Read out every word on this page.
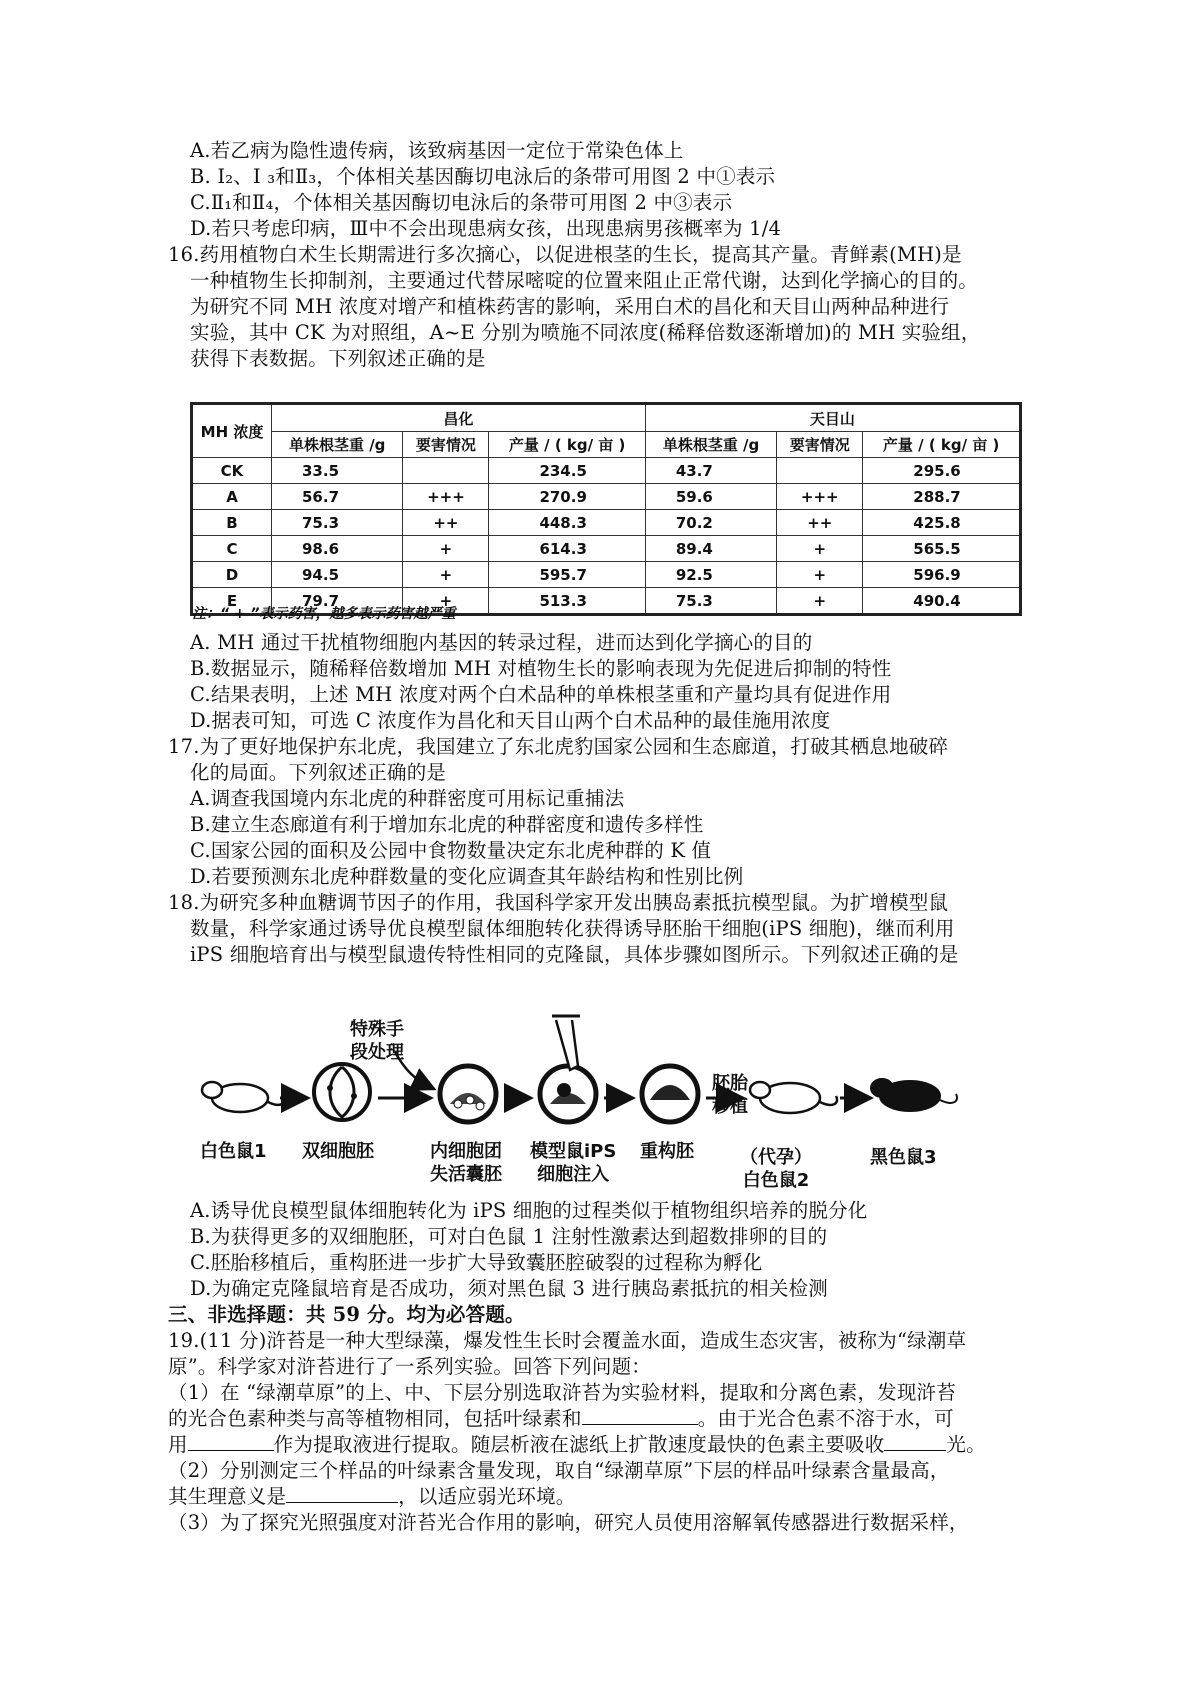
A.若乙病为隐性遗传病，该致病基因一定位于常染色体上
B. I₂、I ₃和Ⅱ₃，个体相关基因酶切电泳后的条带可用图 2 中①表示
C.Ⅱ₁和Ⅱ₄，个体相关基因酶切电泳后的条带可用图 2 中③表示
D.若只考虑印病，Ⅲ中不会出现患病女孩，出现患病男孩概率为 1/4
16.药用植物白术生长期需进行多次摘心，以促进根茎的生长，提高其产量。青鲜素(MH)是
一种植物生长抑制剂，主要通过代替尿嘧啶的位置来阻止正常代谢，达到化学摘心的目的。
为研究不同 MH 浓度对增产和植株药害的影响，采用白术的昌化和天目山两种品种进行
实验，其中 CK 为对照组，A~E 分别为喷施不同浓度(稀释倍数逐渐增加)的 MH 实验组，
获得下表数据。下列叙述正确的是
MH 浓度	昌化			天目山		
	单株根茎重 /g	要害情况	产量 / ( kg/ 亩 )	单株根茎重 /g	要害情况	产量 / ( kg/ 亩 )
CK	33.5		234.5	43.7		295.6
A	56.7	+++	270.9	59.6	+++	288.7
B	75.3	++	448.3	70.2	++	425.8
C	98.6	+	614.3	89.4	+	565.5
D	94.5	+	595.7	92.5	+	596.9
E	79.7	+	513.3	75.3	+	490.4
注：“ + ”表示药害，越多表示药害越严重
A. MH 通过干扰植物细胞内基因的转录过程，进而达到化学摘心的目的
B.数据显示，随稀释倍数增加 MH 对植物生长的影响表现为先促进后抑制的特性
C.结果表明，上述 MH 浓度对两个白术品种的单株根茎重和产量均具有促进作用
D.据表可知，可选 C 浓度作为昌化和天目山两个白术品种的最佳施用浓度
17.为了更好地保护东北虎，我国建立了东北虎豹国家公园和生态廊道，打破其栖息地破碎
化的局面。下列叙述正确的是
A.调查我国境内东北虎的种群密度可用标记重捕法
B.建立生态廊道有利于增加东北虎的种群密度和遗传多样性
C.国家公园的面积及公园中食物数量决定东北虎种群的 K 值
D.若要预测东北虎种群数量的变化应调查其年龄结构和性别比例
18.为研究多种血糖调节因子的作用，我国科学家开发出胰岛素抵抗模型鼠。为扩增模型鼠
数量，科学家通过诱导优良模型鼠体细胞转化获得诱导胚胎干细胞(iPS 细胞)，继而利用
iPS 细胞培育出与模型鼠遗传特性相同的克隆鼠，具体步骤如图所示。下列叙述正确的是
特殊手
段处理
胚胎
移植
白色鼠1 双细胞胚	内细胞团
失活囊胚
模型鼠iPS
细胞注入
重构胚	（代孕）
白色鼠2
黑色鼠3
A.诱导优良模型鼠体细胞转化为 iPS 细胞的过程类似于植物组织培养的脱分化
B.为获得更多的双细胞胚，可对白色鼠 1 注射性激素达到超数排卵的目的
C.胚胎移植后，重构胚进一步扩大导致囊胚腔破裂的过程称为孵化
D.为确定克隆鼠培育是否成功，须对黑色鼠 3 进行胰岛素抵抗的相关检测
三、非选择题：共 59 分。均为必答题。
19.(11 分)浒苔是一种大型绿藻，爆发性生长时会覆盖水面，造成生态灾害，被称为“绿潮草
原”。科学家对浒苔进行了一系列实验。回答下列问题：
（1）在 “绿潮草原”的上、中、下层分别选取浒苔为实验材料，提取和分离色素，发现浒苔
的光合色素种类与高等植物相同，包括叶绿素和	。由于光合色素不溶于水，可
用	作为提取液进行提取。随层析液在滤纸上扩散速度最快的色素主要吸收	光。
（2）分别测定三个样品的叶绿素含量发现，取自“绿潮草原”下层的样品叶绿素含量最高，
其生理意义是	，以适应弱光环境。
（3）为了探究光照强度对浒苔光合作用的影响，研究人员使用溶解氧传感器进行数据采样，
